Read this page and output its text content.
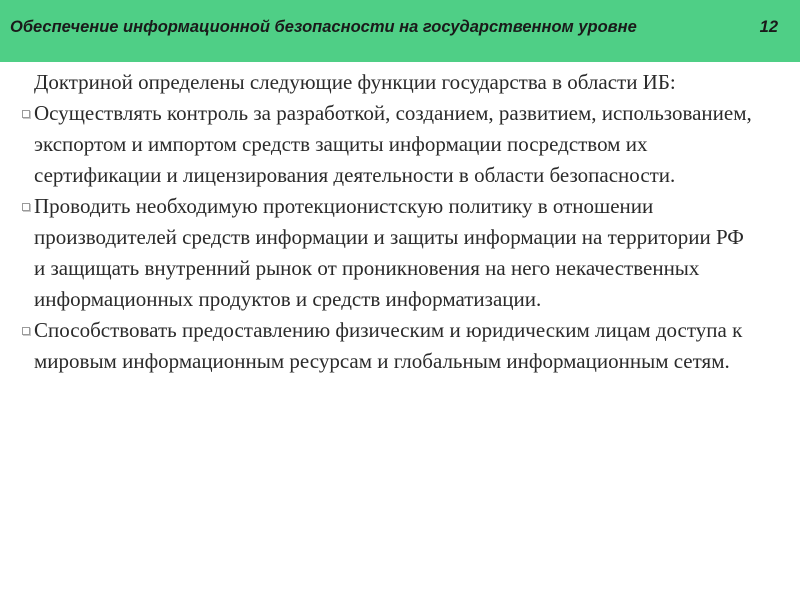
Обеспечение информационной безопасности на государственном уровне	12
Доктриной определены следующие функции государства в области ИБ:
Осуществлять контроль за разработкой, созданием, развитием, использованием, экспортом и импортом средств защиты информации посредством их сертификации и лицензирования деятельности в области безопасности.
Проводить необходимую протекционистскую политику в отношении производителей средств информации и защиты информации на территории РФ и защищать внутренний рынок от проникновения на него некачественных информационных продуктов и средств информатизации.
Способствовать предоставлению физическим и юридическим лицам доступа к мировым информационным ресурсам и глобальным информационным сетям.
